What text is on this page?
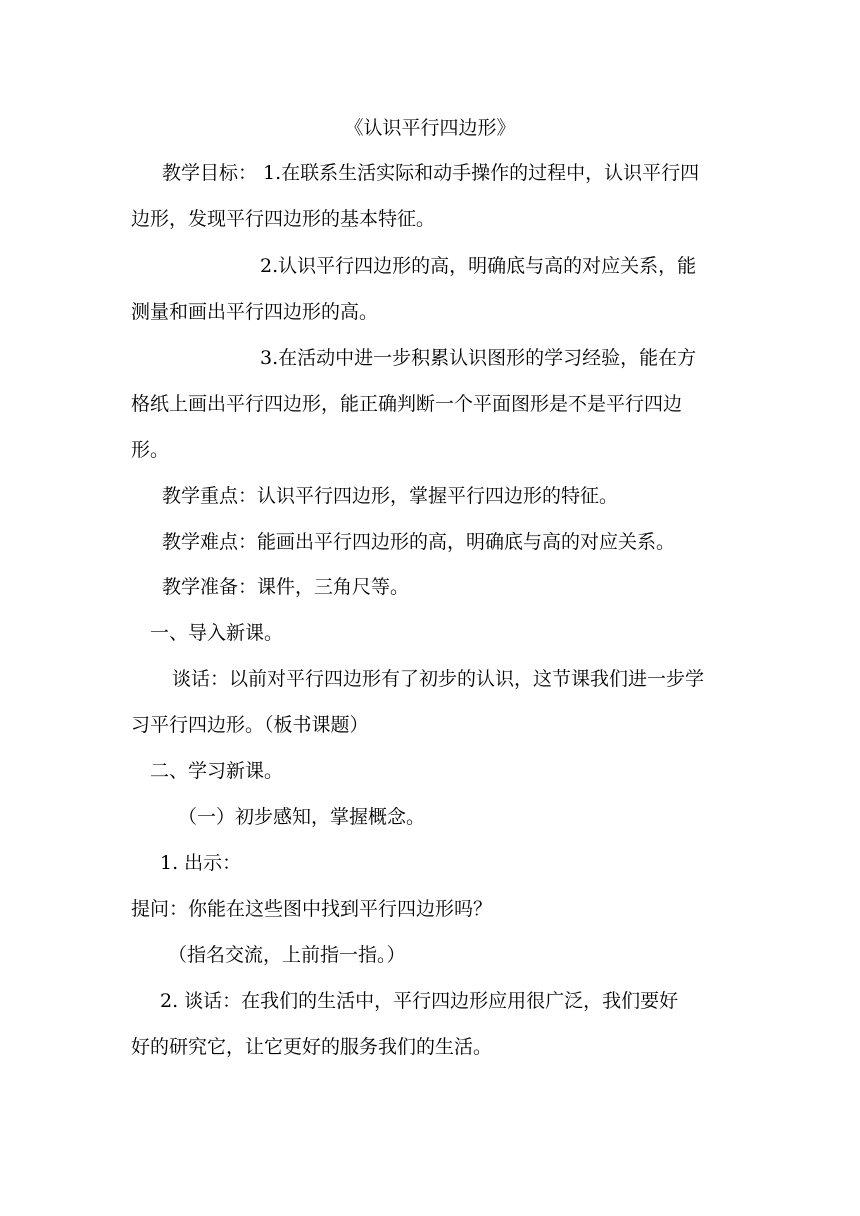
《认识平行四边形》
教学目标： 1.在联系生活实际和动手操作的过程中，认识平行四
边形，发现平行四边形的基本特征。
2.认识平行四边形的高，明确底与高的对应关系，能
测量和画出平行四边形的高。
3.在活动中进一步积累认识图形的学习经验，能在方
格纸上画出平行四边形，能正确判断一个平面图形是不是平行四边
形。
教学重点：认识平行四边形，掌握平行四边形的特征。
教学难点：能画出平行四边形的高，明确底与高的对应关系。
教学准备：课件，三角尺等。
一、导入新课。
谈话：以前对平行四边形有了初步的认识，这节课我们进一步学
习平行四边形。（板书课题）
二、学习新课。
（一）初步感知，掌握概念。
1. 出示：
提问：你能在这些图中找到平行四边形吗？
（指名交流，上前指一指。）
2. 谈话：在我们的生活中，平行四边形应用很广泛，我们要好
好的研究它，让它更好的服务我们的生活。
